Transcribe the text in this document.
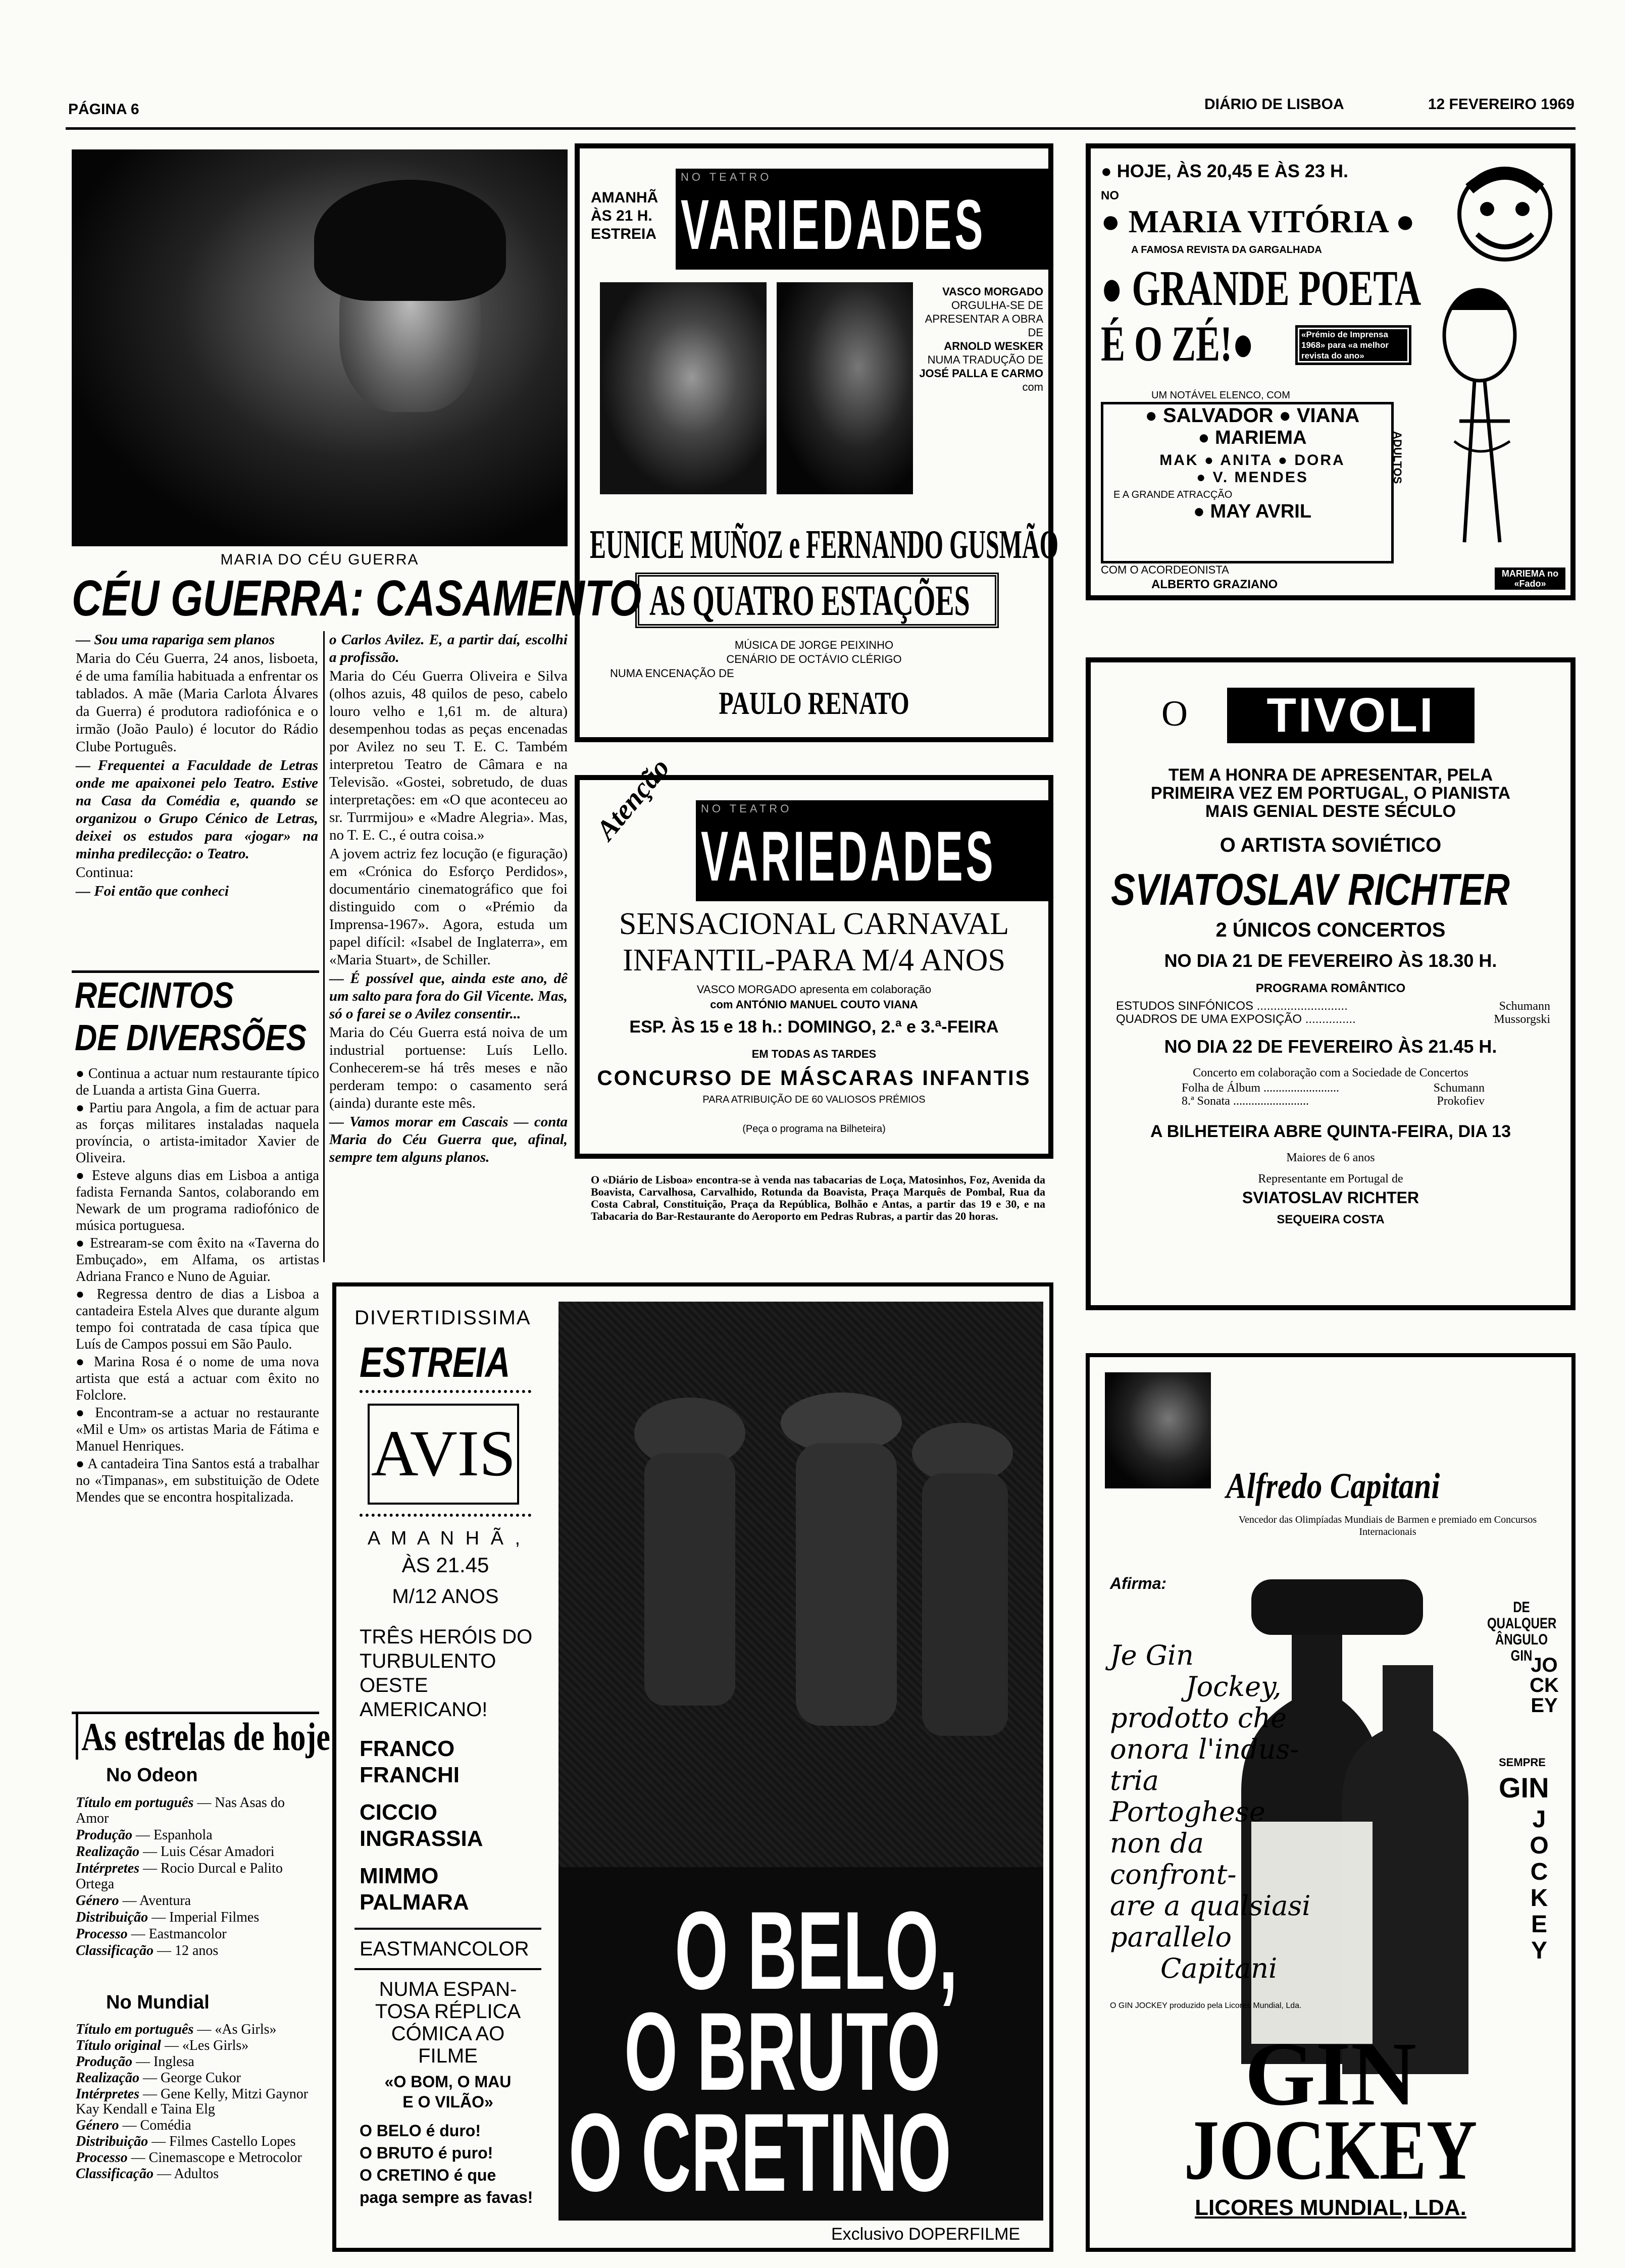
PÁGINA 6	DIÁRIO DE LISBOA	12 FEVEREIRO 1969
MARIA DO CÉU GUERRA
CÉU GUERRA: CASAMENTO

— Sou uma rapariga sem planos

Maria do Céu Guerra, 24 anos, lisboeta, é de uma família habituada a enfrentar os tablados. A mãe (Maria Carlota Álvares da Guerra) é produtora radiofónica e o irmão (João Paulo) é locutor do Rádio Clube Português.

— Frequentei a Faculdade de Letras onde me apaixonei pelo Teatro. Estive na Casa da Comédia e, quando se organizou o Grupo Cénico de Letras, deixei os estudos para «jogar» na minha predilecção: o Teatro.

Continua:

— Foi então que conheci

o Carlos Avilez. E, a partir daí, escolhi a profissão.

Maria do Céu Guerra Oliveira e Silva (olhos azuis, 48 quilos de peso, cabelo louro velho e 1,61 m. de altura) desempenhou todas as peças encenadas por Avilez no seu T. E. C. Também interpretou Teatro de Câmara e na Televisão. «Gostei, sobretudo, de duas interpretações: em «O que aconteceu ao sr. Turrmijou» e «Madre Alegria». Mas, no T. E. C., é outra coisa.»

A jovem actriz fez locução (e figuração) em «Crónica do Esforço Perdidos», documentário cinematográfico que foi distinguido com o «Prémio da Imprensa-1967». Agora, estuda um papel difícil: «Isabel de Inglaterra», em «Maria Stuart», de Schiller.

— É possível que, ainda este ano, dê um salto para fora do Gil Vicente. Mas, só o farei se o Avilez consentir...

Maria do Céu Guerra está noiva de um industrial portuense: Luís Lello. Conhecerem-se há três meses e não perderam tempo: o casamento será (ainda) durante este mês.

— Vamos morar em Cascais — conta Maria do Céu Guerra que, afinal, sempre tem alguns planos.

RECINTOS
DE DIVERSÕES

● Continua a actuar num restaurante típico de Luanda a artista Gina Guerra.

● Partiu para Angola, a fim de actuar para as forças militares instaladas naquela província, o artista-imitador Xavier de Oliveira.

● Esteve alguns dias em Lisboa a antiga fadista Fernanda Santos, colaborando em Newark de um programa radiofónico de música portuguesa.

● Estrearam-se com êxito na «Taverna do Embuçado», em Alfama, os artistas Adriana Franco e Nuno de Aguiar.

● Regressa dentro de dias a Lisboa a cantadeira Estela Alves que durante algum tempo foi contratada de casa típica que Luís de Campos possui em São Paulo.

● Marina Rosa é o nome de uma nova artista que está a actuar com êxito no Folclore.

● Encontram-se a actuar no restaurante «Mil e Um» os artistas Maria de Fátima e Manuel Henriques.

● A cantadeira Tina Santos está a trabalhar no «Timpanas», em substituição de Odete Mendes que se encontra hospitalizada.

As estrelas de hoje
No Odeon

Título em português — Nas Asas do Amor

Produção — Espanhola

Realização — Luis César Amadori

Intérpretes — Rocio Durcal e Palito Ortega

Género — Aventura

Distribuição — Imperial Filmes

Processo — Eastmancolor

Classificação — 12 anos

No Mundial

Título em português — «As Girls»

Título original — «Les Girls»

Produção — Inglesa

Realização — George Cukor

Intérpretes — Gene Kelly, Mitzi Gaynor Kay Kendall e Taina Elg

Género — Comédia

Distribuição — Filmes Castello Lopes

Processo — Cinemascope e Metrocolor

Classificação — Adultos

AMANHÃ ÀS 21 H. ESTREIA
NO TEATRO
VARIEDADES
VASCO MORGADO
ORGULHA-SE DE APRESENTAR A OBRA DE
ARNOLD WESKER
NUMA TRADUÇÃO DE
JOSÉ PALLA E CARMO
com
EUNICE MUÑOZ e FERNANDO GUSMÃO
AS QUATRO ESTAÇÕES
MÚSICA DE JORGE PEIXINHO
CENÁRIO DE OCTÁVIO CLÉRIGO
NUMA ENCENAÇÃO DE
PAULO RENATO
Atenção NO TEATRO
VARIEDADES
SENSACIONAL CARNAVAL
INFANTIL-PARA M/4 ANOS
VASCO MORGADO apresenta em colaboração
com ANTÓNIO MANUEL COUTO VIANA
ESP. ÀS 15 e 18 h.: DOMINGO, 2.ª e 3.ª-FEIRA
EM TODAS AS TARDES
CONCURSO DE MÁSCARAS INFANTIS
PARA ATRIBUIÇÃO DE 60 VALIOSOS PRÉMIOS
(Peça o programa na Bilheteira)
O «Diário de Lisboa» encontra-se à venda nas tabacarias de Loça, Matosinhos, Foz, Avenida da Boavista, Carvalhosa, Carvalhido, Rotunda da Boavista, Praça Marquês de Pombal, Rua da Costa Cabral, Constituição, Praça da República, Bolhão e Antas, a partir das 19 e 30, e na Tabacaria do Bar-Restaurante do Aeroporto em Pedras Rubras, a partir das 20 horas.
● HOJE, ÀS 20,45 E ÀS 23 H.
NO
● MARIA VITÓRIA ●
A FAMOSA REVISTA DA GARGALHADA
● GRANDE POETA
É O ZÉ!●	«Prémio de Imprensa 1968» para «a melhor revista do ano»
UM NOTÁVEL ELENCO, COM
● SALVADOR ● VIANA
● MARIEMA
MAK ● ANITA ● DORA
● V. MENDES
E A GRANDE ATRACÇÃO
● MAY AVRIL
COM O ACORDEONISTA
ALBERTO GRAZIANO
ADULTOS
MARIEMA no «Fado»
O	TIVOLI
TEM A HONRA DE APRESENTAR, PELA
PRIMEIRA VEZ EM PORTUGAL, O PIANISTA
MAIS GENIAL DESTE SÉCULO
O ARTISTA SOVIÉTICO
SVIATOSLAV RICHTER
2 ÚNICOS CONCERTOS
NO DIA 21 DE FEVEREIRO ÀS 18.30 H.
PROGRAMA ROMÂNTICO
ESTUDOS SINFÓNICOS ...........................	Schumann
QUADROS DE UMA EXPOSIÇÃO ...............	Mussorgski
NO DIA 22 DE FEVEREIRO ÀS 21.45 H.
Concerto em colaboração com a Sociedade de Concertos
Folha de Álbum .........................	Schumann
8.ª Sonata .........................	Prokofiev
A BILHETEIRA ABRE QUINTA-FEIRA, DIA 13
Maiores de 6 anos
Representante em Portugal de
SVIATOSLAV RICHTER
SEQUEIRA COSTA
DIVERTIDISSIMA
ESTREIA
AVIS
A M A N H Ã ,
ÀS 21.45
M/12 ANOS
TRÊS HERÓIS DO
TURBULENTO
OESTE
AMERICANO!
FRANCO
FRANCHI
CICCIO
INGRASSIA
MIMMO
PALMARA
EASTMANCOLOR
NUMA ESPAN-
TOSA RÉPLICA
CÓMICA AO
FILME
«O BOM, O MAU
E O VILÃO»
O BELO é duro!
O BRUTO é puro!
O CRETINO é que
paga sempre as favas!
O BELO,
O BRUTO
O CRETINO
Exclusivo DOPERFILME
Alfredo Capitani
Vencedor das Olimpíadas Mundiais de Barmen e premiado em Concursos Internacionais
Afirma:
Je Gin
Jockey,
prodotto che
onora l'indus-
tria Portoghese
non da confront-
are a qualsiasi
parallelo
Capitani
DE QUALQUER
ÂNGULO
GIN
JOCKEY
SEMPRE
GIN
JOCKEY
O GIN JOCKEY produzido pela Licores Mundial, Lda.
GIN
JOCKEY
LICORES MUNDIAL, LDA.
